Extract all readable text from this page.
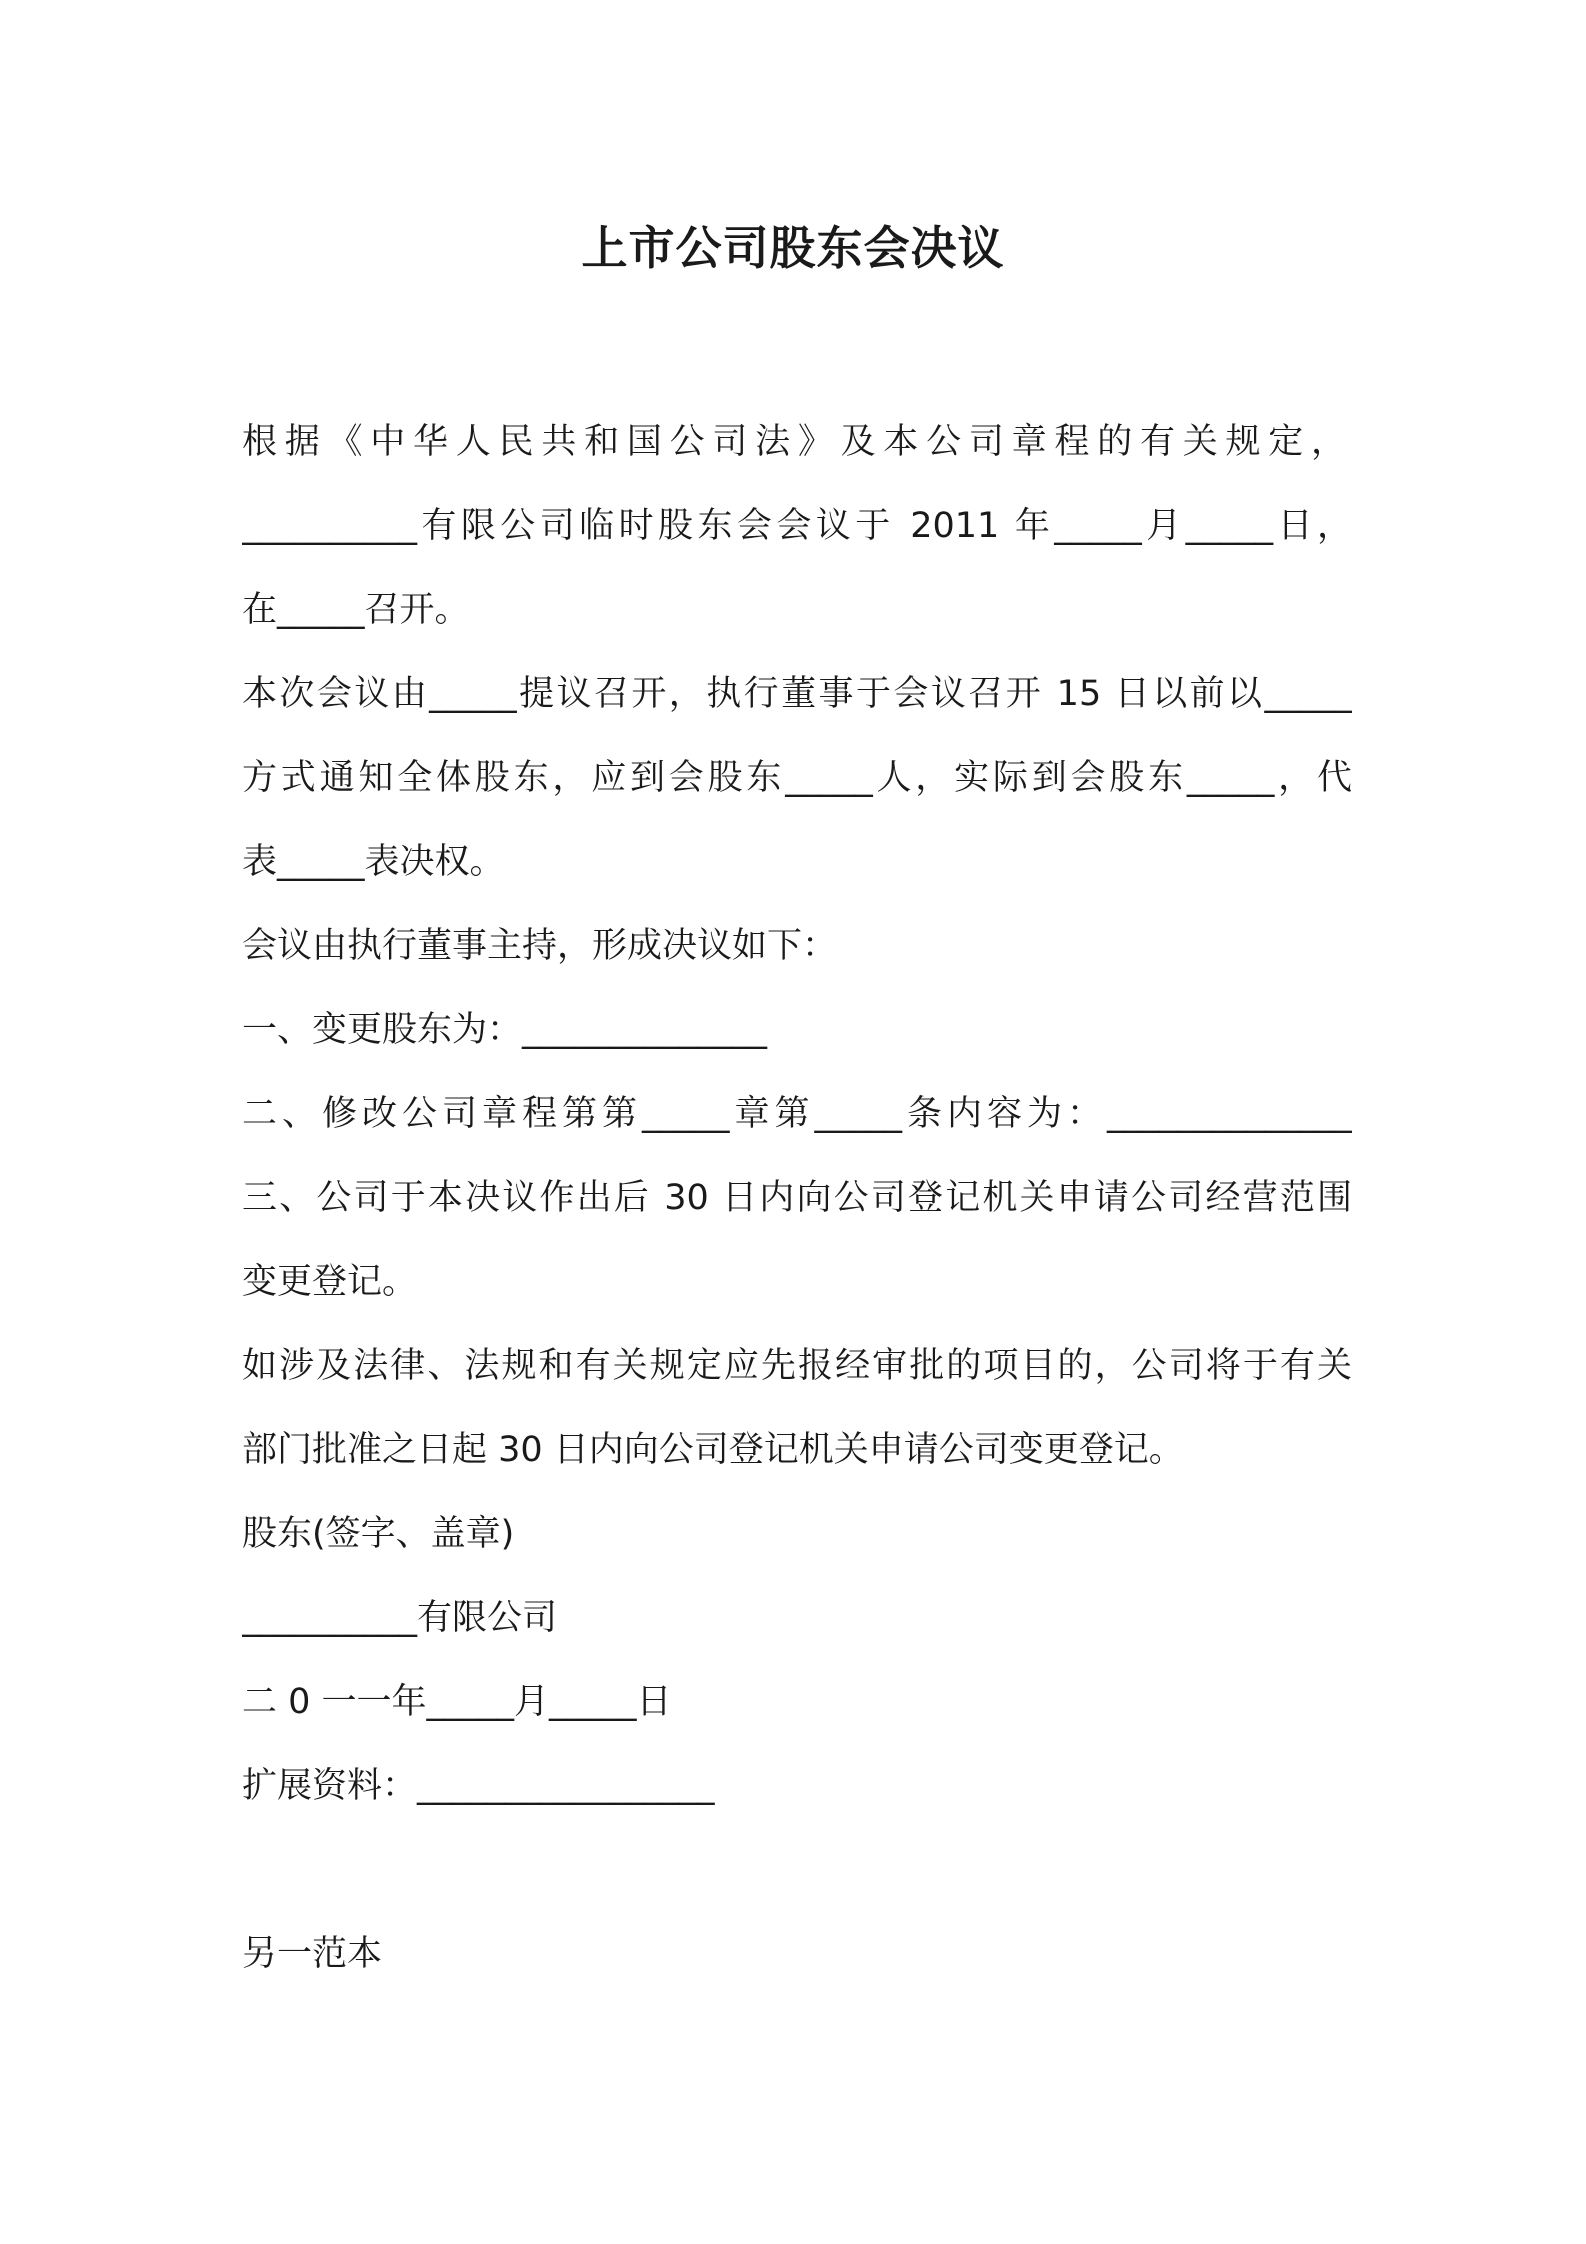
上市公司股东会决议
根据《中华人民共和国公司法》及本公司章程的有关规定，
__________有限公司临时股东会会议于 2011 年_____月_____日，
在_____召开。
本次会议由_____提议召开，执行董事于会议召开 15 日以前以_____
方式通知全体股东，应到会股东_____人，实际到会股东_____，代
表_____表决权。
会议由执行董事主持，形成决议如下：
一、变更股东为：______________
二、修改公司章程第第_____章第_____条内容为：______________
三、公司于本决议作出后 30 日内向公司登记机关申请公司经营范围
变更登记。
如涉及法律、法规和有关规定应先报经审批的项目的，公司将于有关
部门批准之日起 30 日内向公司登记机关申请公司变更登记。
股东(签字、盖章)
__________有限公司
二 0 一一年_____月_____日
扩展资料：_________________
另一范本
